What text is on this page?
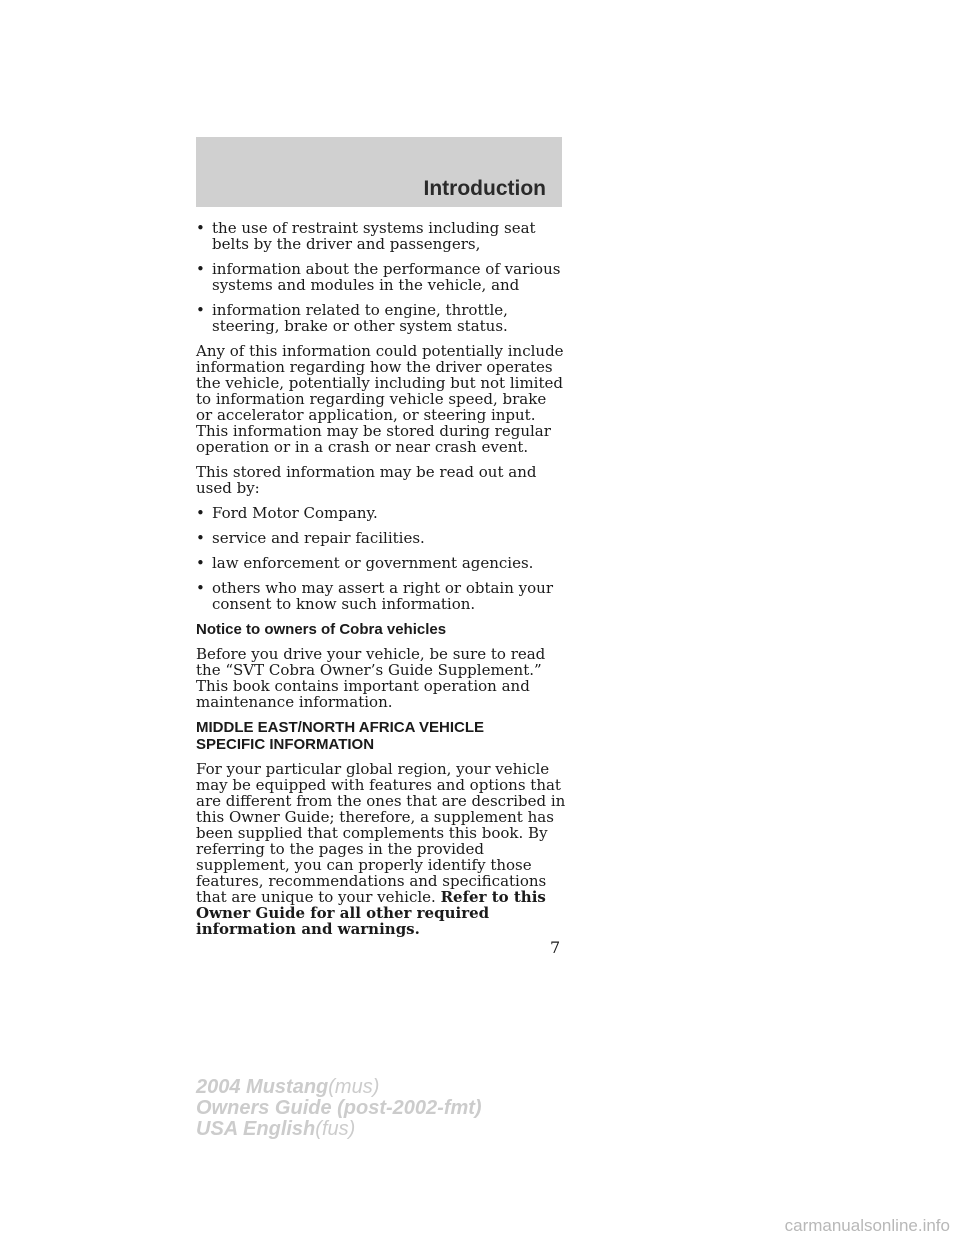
Introduction
• the use of restraint systems including seat belts by the driver and passengers,
• information about the performance of various systems and modules in the vehicle, and
• information related to engine, throttle, steering, brake or other system status.

Any of this information could potentially include information regarding how the driver operates the vehicle, potentially including but not limited to information regarding vehicle speed, brake or accelerator application, or steering input. This information may be stored during regular operation or in a crash or near crash event.

This stored information may be read out and used by:

• Ford Motor Company.
• service and repair facilities.
• law enforcement or government agencies.
• others who may assert a right or obtain your consent to know such information.
Notice to owners of Cobra vehicles

Before you drive your vehicle, be sure to read the “SVT Cobra Owner’s Guide Supplement.” This book contains important operation and maintenance information.

MIDDLE EAST/NORTH AFRICA VEHICLE SPECIFIC INFORMATION

For your particular global region, your vehicle may be equipped with features and options that are different from the ones that are described in this Owner Guide; therefore, a supplement has been supplied that complements this book. By referring to the pages in the provided supplement, you can properly identify those features, recommendations and specifications that are unique to your vehicle. Refer to this Owner Guide for all other required information and warnings.

7
2004 Mustang(mus)
Owners Guide (post-2002-fmt)
USA English(fus)
carmanualsonline.info
